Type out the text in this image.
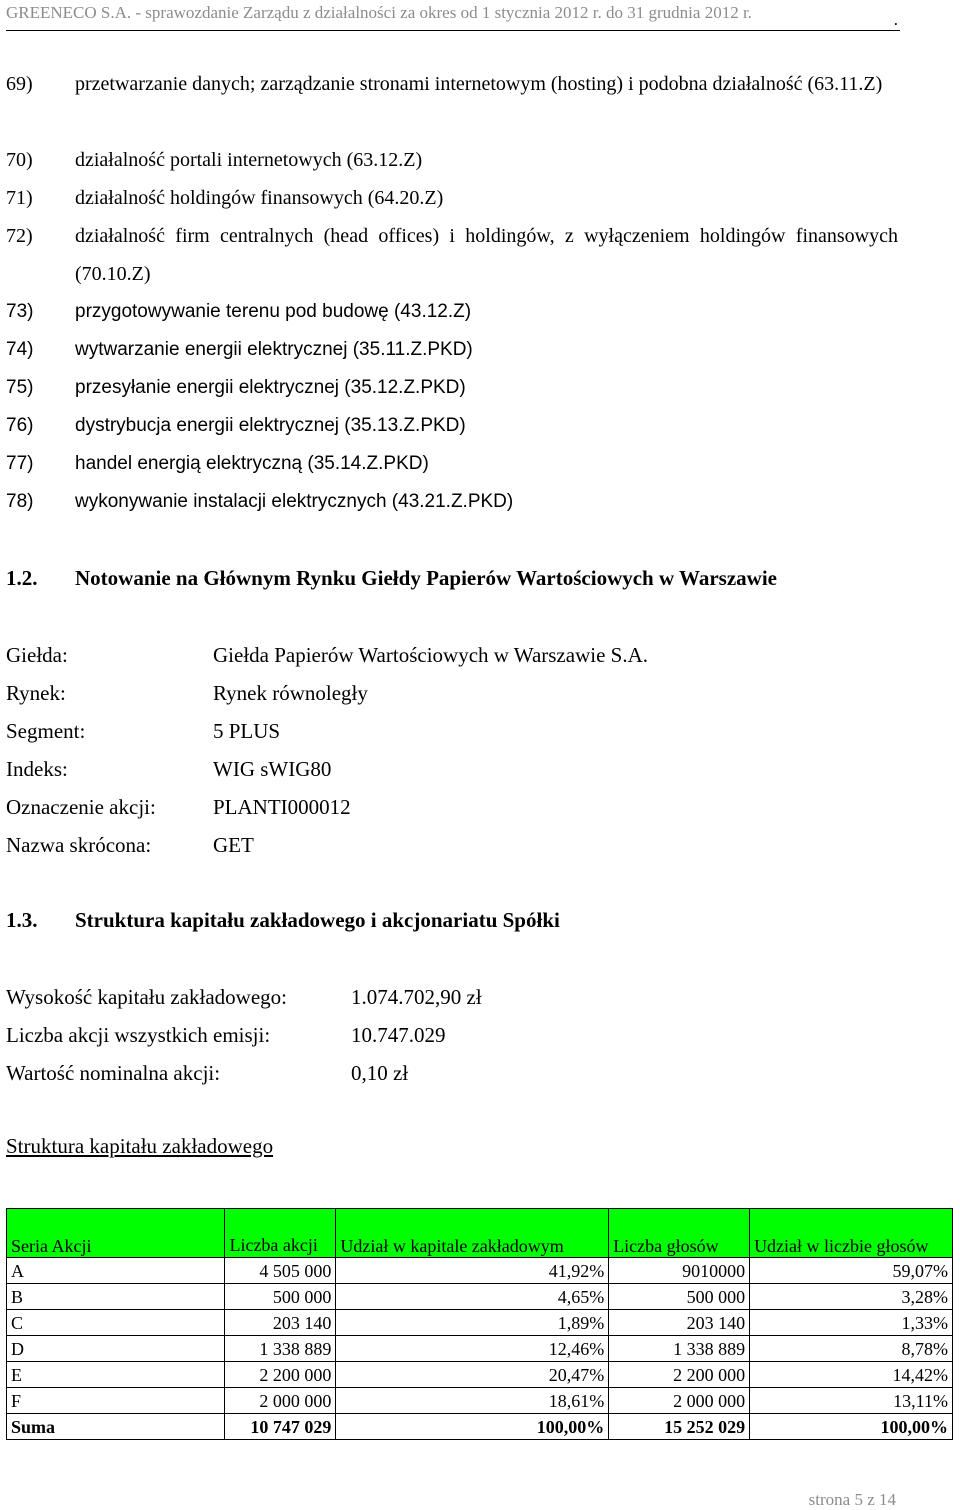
GREENECO S.A. - sprawozdanie Zarządu z działalności za okres od 1 stycznia 2012 r. do 31 grudnia 2012 r.	.
69) przetwarzanie danych; zarządzanie stronami internetowym (hosting) i podobna działalność (63.11.Z)
70) działalność portali internetowych (63.12.Z)
71) działalność holdingów finansowych (64.20.Z)
72) działalność firm centralnych (head offices) i holdingów, z wyłączeniem holdingów finansowych (70.10.Z)
73) przygotowywanie terenu pod budowę (43.12.Z)
74) wytwarzanie energii elektrycznej (35.11.Z.PKD)
75) przesyłanie energii elektrycznej (35.12.Z.PKD)
76) dystrybucja energii elektrycznej (35.13.Z.PKD)
77) handel energią elektryczną (35.14.Z.PKD)
78) wykonywanie instalacji elektrycznych (43.21.Z.PKD)
1.2. Notowanie na Głównym Rynku Giełdy Papierów Wartościowych w Warszawie
Giełda:	Giełda Papierów Wartościowych w Warszawie S.A.
Rynek:	Rynek równoległy
Segment:	5 PLUS
Indeks:	WIG sWIG80
Oznaczenie akcji:	PLANTI000012
Nazwa skrócona:	GET
1.3. Struktura kapitału zakładowego i akcjonariatu Spółki
Wysokość kapitału zakładowego:	1.074.702,90 zł
Liczba akcji wszystkich emisji:	10.747.029
Wartość nominalna akcji:	0,10 zł
Struktura kapitału zakładowego
Seria Akcji	Liczba akcji	Udział w kapitale zakładowym	Liczba głosów	Udział w liczbie głosów
A	4 505 000	41,92%	9010000	59,07%
B	500 000	4,65%	500 000	3,28%
C	203 140	1,89%	203 140	1,33%
D	1 338 889	12,46%	1 338 889	8,78%
E	2 200 000	20,47%	2 200 000	14,42%
F	2 000 000	18,61%	2 000 000	13,11%
Suma	10 747 029	100,00%	15 252 029	100,00%
strona 5 z 14
